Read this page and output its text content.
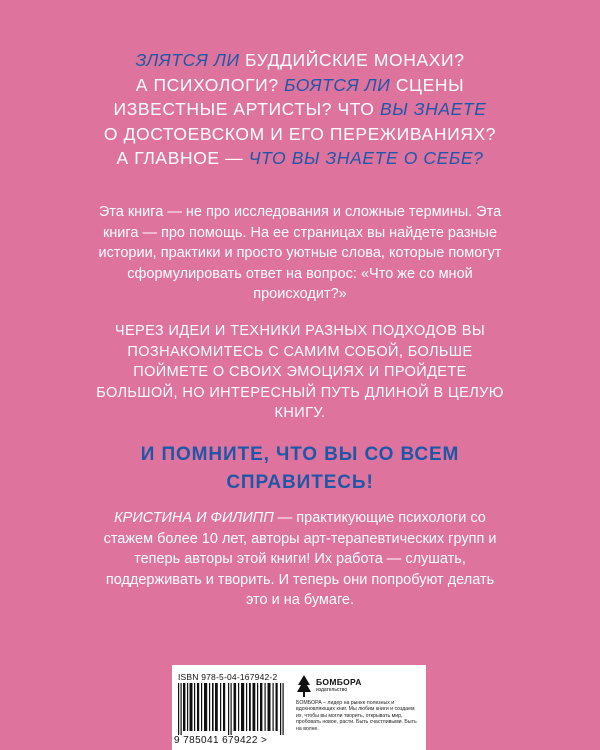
ЗЛЯТСЯ ЛИ БУДДИЙСКИЕ МОНАХИ?
А ПСИХОЛОГИ? БОЯТСЯ ЛИ СЦЕНЫ
ИЗВЕСТНЫЕ АРТИСТЫ? ЧТО ВЫ ЗНАЕТЕ
О ДОСТОЕВСКОМ И ЕГО ПЕРЕЖИВАНИЯХ?
А ГЛАВНОЕ — ЧТО ВЫ ЗНАЕТЕ О СЕБЕ?
Эта книга — не про исследования и сложные термины. Эта книга — про помощь. На ее страницах вы найдете разные истории, практики и просто уютные слова, которые помогут сформулировать ответ на вопрос: «Что же со мной происходит?»
ЧЕРЕЗ ИДЕИ И ТЕХНИКИ РАЗНЫХ ПОДХОДОВ ВЫ ПОЗНАКОМИТЕСЬ С САМИМ СОБОЙ, БОЛЬШЕ ПОЙМЕТЕ О СВОИХ ЭМОЦИЯХ И ПРОЙДЕТЕ БОЛЬШОЙ, НО ИНТЕРЕСНЫЙ ПУТЬ ДЛИНОЙ В ЦЕЛУЮ КНИГУ.
И ПОМНИТЕ, ЧТО ВЫ СО ВСЕМ
СПРАВИТЕСЬ!
КРИСТИНА И ФИЛИПП — практикующие психологи со стажем более 10 лет, авторы арт-терапевтических групп и теперь авторы этой книги! Их работа — слушать, поддерживать и творить. И теперь они попробуют делать это и на бумаге.
ISBN 978-5-04-167942-2
9 785041 679422 >
БОМБОРА
издательство
БОМБОРА – лидер на рынке полезных и вдохновляющих книг. Мы любим книги и создаем их, чтобы вы могли творить, открывать мир, пробовать новое, расти. Быть счастливыми. Быть на волне.
